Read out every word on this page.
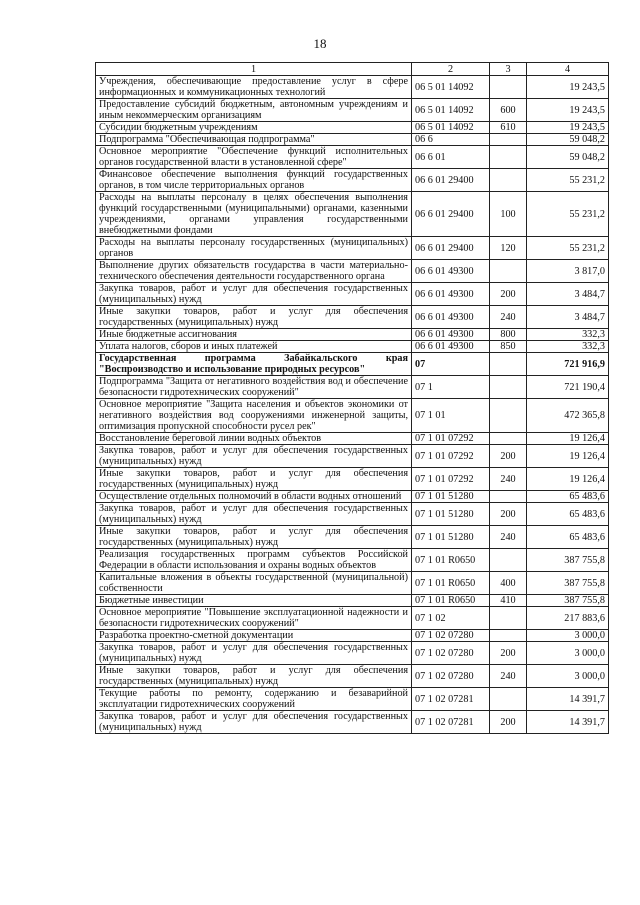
18
1	2	3	4
Учреждения, обеспечивающие предоставление услуг в сфере информационных и коммуникационных технологий	06 5 01 14092		19 243,5
Предоставление субсидий бюджетным, автономным учреждениям и иным некоммерческим организациям	06 5 01 14092	600	19 243,5
Субсидии бюджетным учреждениям	06 5 01 14092	610	19 243,5
Подпрограмма "Обеспечивающая подпрограмма"	06 6		59 048,2
Основное мероприятие "Обеспечение функций исполнительных органов государственной власти в установленной сфере"	06 6 01		59 048,2
Финансовое обеспечение выполнения функций государственных органов, в том числе территориальных органов	06 6 01 29400		55 231,2
Расходы на выплаты персоналу в целях обеспечения выполнения функций государственными (муниципальными) органами, казенными учреждениями, органами управления государственными внебюджетными фондами	06 6 01 29400	100	55 231,2
Расходы на выплаты персоналу государственных (муниципальных) органов	06 6 01 29400	120	55 231,2
Выполнение других обязательств государства в части материально-технического обеспечения деятельности государственного органа	06 6 01 49300		3 817,0
Закупка товаров, работ и услуг для обеспечения государственных (муниципальных) нужд	06 6 01 49300	200	3 484,7
Иные закупки товаров, работ и услуг для обеспечения государственных (муниципальных) нужд	06 6 01 49300	240	3 484,7
Иные бюджетные ассигнования	06 6 01 49300	800	332,3
Уплата налогов, сборов и иных платежей	06 6 01 49300	850	332,3
Государственная программа Забайкальского края "Воспроизводство и использование природных ресурсов"	07		721 916,9
Подпрограмма "Защита от негативного воздействия вод и обеспечение безопасности гидротехнических сооружений"	07 1		721 190,4
Основное мероприятие "Защита населения и объектов экономики от негативного воздействия вод сооружениями инженерной защиты, оптимизация пропускной способности русел рек"	07 1 01		472 365,8
Восстановление береговой линии водных объектов	07 1 01 07292		19 126,4
Закупка товаров, работ и услуг для обеспечения государственных (муниципальных) нужд	07 1 01 07292	200	19 126,4
Иные закупки товаров, работ и услуг для обеспечения государственных (муниципальных) нужд	07 1 01 07292	240	19 126,4
Осуществление отдельных полномочий в области водных отношений	07 1 01 51280		65 483,6
Закупка товаров, работ и услуг для обеспечения государственных (муниципальных) нужд	07 1 01 51280	200	65 483,6
Иные закупки товаров, работ и услуг для обеспечения государственных (муниципальных) нужд	07 1 01 51280	240	65 483,6
Реализация государственных программ субъектов Российской Федерации в области использования и охраны водных объектов	07 1 01 R0650		387 755,8
Капитальные вложения в объекты государственной (муниципальной) собственности	07 1 01 R0650	400	387 755,8
Бюджетные инвестиции	07 1 01 R0650	410	387 755,8
Основное мероприятие "Повышение эксплуатационной надежности и безопасности гидротехнических сооружений"	07 1 02		217 883,6
Разработка проектно-сметной документации	07 1 02 07280		3 000,0
Закупка товаров, работ и услуг для обеспечения государственных (муниципальных) нужд	07 1 02 07280	200	3 000,0
Иные закупки товаров, работ и услуг для обеспечения государственных (муниципальных) нужд	07 1 02 07280	240	3 000,0
Текущие работы по ремонту, содержанию и безаварийной эксплуатации гидротехнических сооружений	07 1 02 07281		14 391,7
Закупка товаров, работ и услуг для обеспечения государственных (муниципальных) нужд	07 1 02 07281	200	14 391,7
